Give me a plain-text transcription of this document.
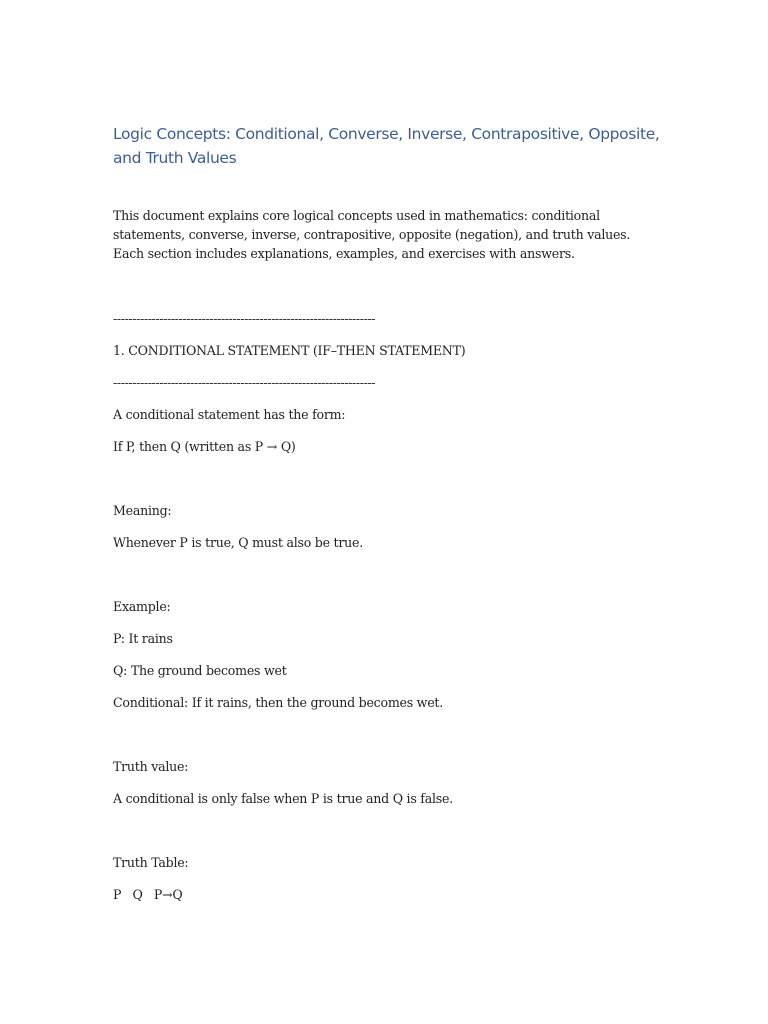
Logic Concepts: Conditional, Converse, Inverse, Contrapositive, Opposite, and Truth Values

This document explains core logical concepts used in mathematics: conditional statements, converse, inverse, contrapositive, opposite (negation), and truth values. Each section includes explanations, examples, and exercises with answers.

--------------------------------------------------------------------

1. CONDITIONAL STATEMENT (IF–THEN STATEMENT)

--------------------------------------------------------------------

A conditional statement has the form:

If P, then Q (written as P → Q)

Meaning:

Whenever P is true, Q must also be true.

Example:

P: It rains

Q: The ground becomes wet

Conditional: If it rains, then the ground becomes wet.

Truth value:

A conditional is only false when P is true and Q is false.

Truth Table:

P   Q   P→Q
